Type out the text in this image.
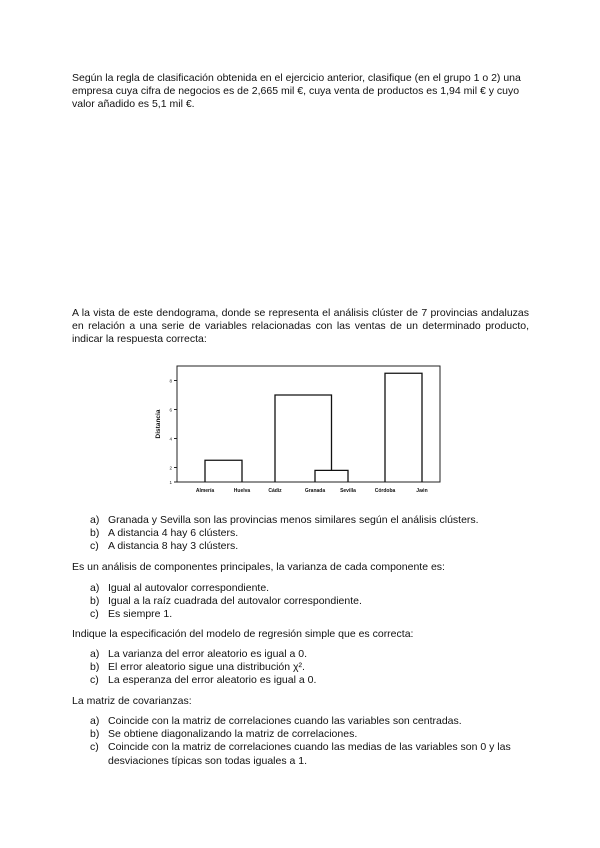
Según la regla de clasificación obtenida en el ejercicio anterior, clasifique (en el grupo 1 o 2) una empresa cuya cifra de negocios es de 2,665 mil €, cuya venta de productos es 1,94 mil € y cuyo valor añadido es 5,1 mil €.

A la vista de este dendograma, donde se representa el análisis clúster de 7 provincias andaluzas en relación a una serie de variables relacionadas con las ventas de un determinado producto, indicar la respuesta correcta:

1
2
4
6
8
Distancia
Almería	Huelva	Cádiz	Granada	Sevilla	Córdoba	Jaén
a) Granada y Sevilla son las provincias menos similares según el análisis clústers.
b) A distancia 4 hay 6 clústers.
c) A distancia 8 hay 3 clústers.

Es un análisis de componentes principales, la varianza de cada componente es:

a) Igual al autovalor correspondiente.
b) Igual a la raíz cuadrada del autovalor correspondiente.
c) Es siempre 1.

Indique la especificación del modelo de regresión simple que es correcta:

a) La varianza del error aleatorio es igual a 0.
b) El error aleatorio sigue una distribución χ².
c) La esperanza del error aleatorio es igual a 0.

La matriz de covarianzas:

a) Coincide con la matriz de correlaciones cuando las variables son centradas.
b) Se obtiene diagonalizando la matriz de correlaciones.
c) Coincide con la matriz de correlaciones cuando las medias de las variables son 0 y las desviaciones típicas son todas iguales a 1.
